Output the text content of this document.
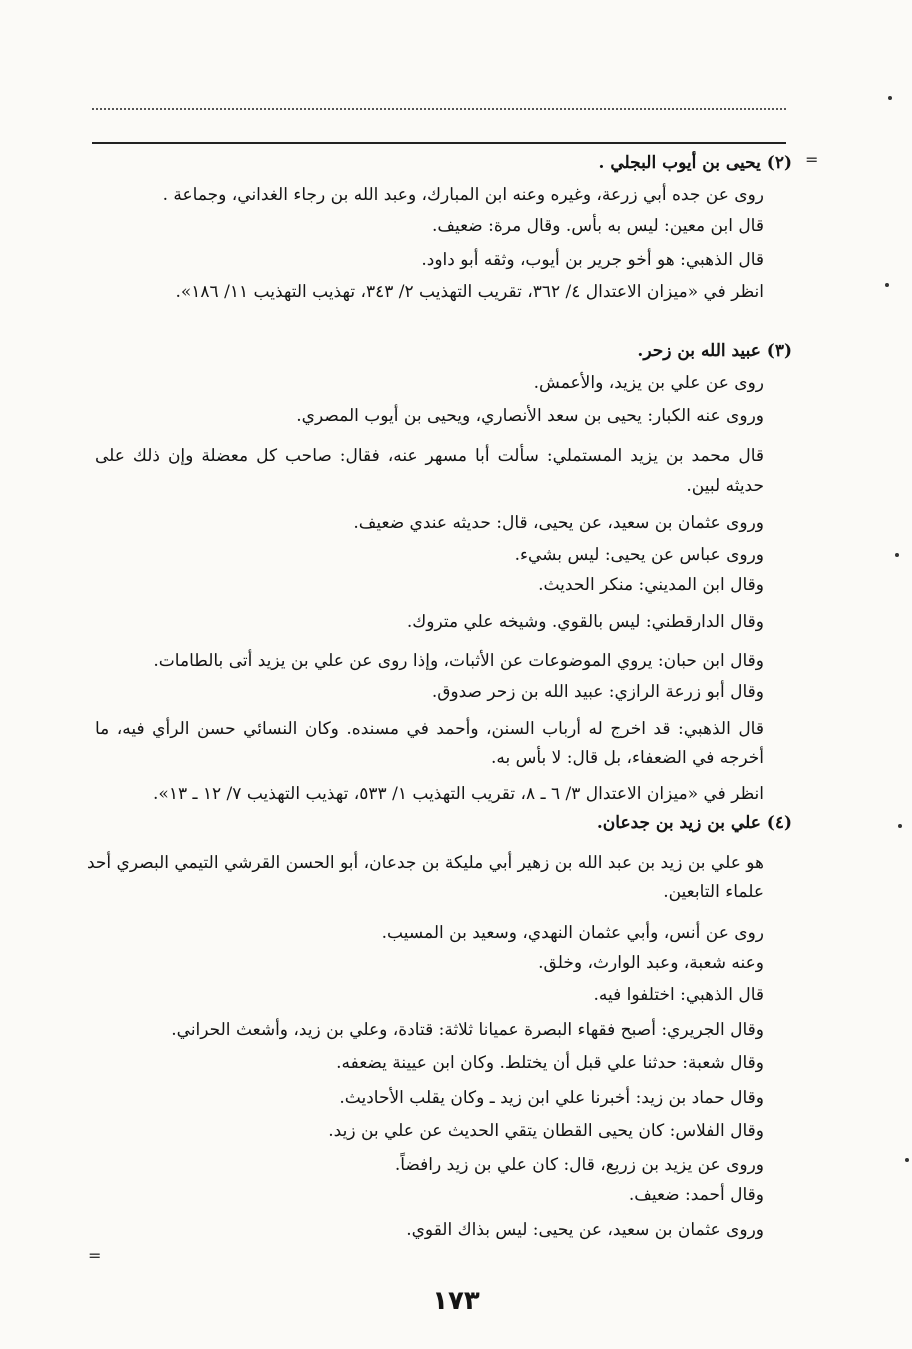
=
=
(٢) يحيى بن أيوب البجلي .
روى عن جده أبي زرعة، وغيره وعنه ابن المبارك، وعبد الله بن رجاء الغداني، وجماعة .
قال ابن معين: ليس به بأس. وقال مرة: ضعيف.
قال الذهبي: هو أخو جرير بن أيوب، وثقه أبو داود.
انظر في «ميزان الاعتدال ٤/ ٣٦٢، تقريب التهذيب ٢/ ٣٤٣، تهذيب التهذيب ١١/ ١٨٦».
(٣) عبيد الله بن زحر.
روى عن علي بن يزيد، والأعمش.
وروى عنه الكبار: يحيى بن سعد الأنصاري، ويحيى بن أيوب المصري.
قال محمد بن يزيد المستملي: سألت أبا مسهر عنه، فقال: صاحب كل معضلة وإن ذلك على
حديثه لبين.
وروى عثمان بن سعيد، عن يحيى، قال: حديثه عندي ضعيف.
وروى عباس عن يحيى: ليس بشيء.
وقال ابن المديني: منكر الحديث.
وقال الدارقطني: ليس بالقوي. وشيخه علي متروك.
وقال ابن حبان: يروي الموضوعات عن الأثبات، وإذا روى عن علي بن يزيد أتى بالطامات.
وقال أبو زرعة الرازي: عبيد الله بن زحر صدوق.
قال الذهبي: قد اخرج له أرباب السنن، وأحمد في مسنده. وكان النسائي حسن الرأي فيه، ما
أخرجه في الضعفاء، بل قال: لا بأس به.
انظر في «ميزان الاعتدال ٣/ ٦ ـ ٨، تقريب التهذيب ١/ ٥٣٣، تهذيب التهذيب ٧/ ١٢ ـ ١٣».
(٤) علي بن زيد بن جدعان.
هو علي بن زيد بن عبد الله بن زهير أبي مليكة بن جدعان، أبو الحسن القرشي التيمي البصري أحد
علماء التابعين.
روى عن أنس، وأبي عثمان النهدي، وسعيد بن المسيب.
وعنه شعبة، وعبد الوارث، وخلق.
قال الذهبي: اختلفوا فيه.
وقال الجريري: أصبح فقهاء البصرة عميانا ثلاثة: قتادة، وعلي بن زيد، وأشعث الحراني.
وقال شعبة: حدثنا علي قبل أن يختلط. وكان ابن عيينة يضعفه.
وقال حماد بن زيد: أخبرنا علي ابن زيد ـ وكان يقلب الأحاديث.
وقال الفلاس: كان يحيى القطان يتقي الحديث عن علي بن زيد.
وروى عن يزيد بن زريع، قال: كان علي بن زيد رافضاً.
وقال أحمد: ضعيف.
وروى عثمان بن سعيد، عن يحيى: ليس بذاك القوي.
١٧٣
